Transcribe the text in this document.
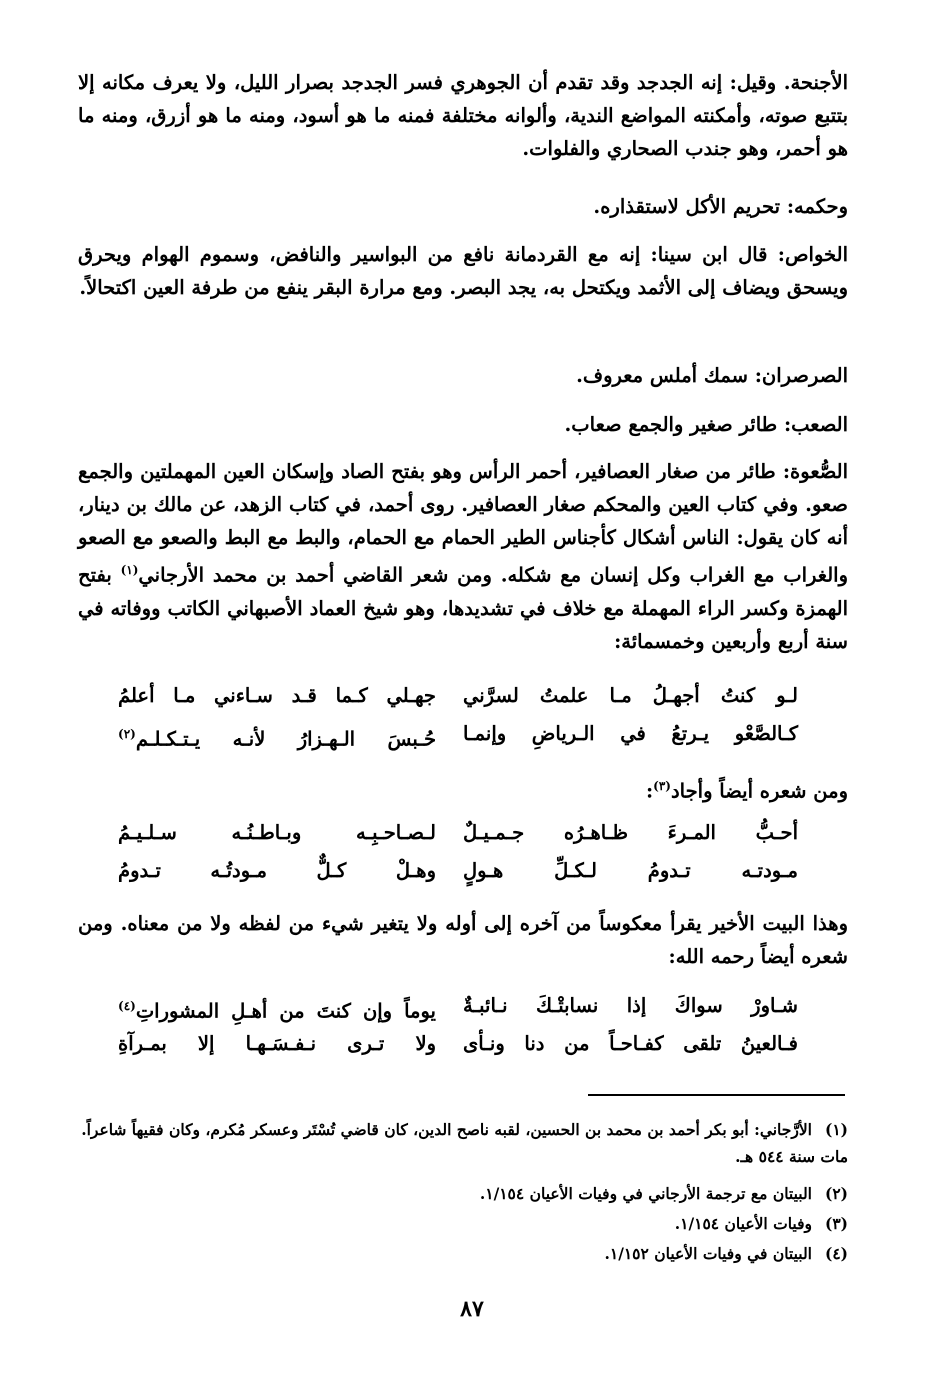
الأجنحة. وقيل: إنه الجدجد وقد تقدم أن الجوهري فسر الجدجد بصرار الليل، ولا يعرف مكانه إلا بتتبع صوته، وأمكنته المواضع الندية، وألوانه مختلفة فمنه ما هو أسود، ومنه ما هو أزرق، ومنه ما هو أحمر، وهو جندب الصحاري والفلوات.
وحكمه: تحريم الأكل لاستقذاره.
الخواص: قال ابن سينا: إنه مع القردمانة نافع من البواسير والنافض، وسموم الهوام ويحرق ويسحق ويضاف إلى الأثمد ويكتحل به، يجد البصر. ومع مرارة البقر ينفع من طرفة العين اكتحالاً.
الصرصران: سمك أملس معروف.
الصعب: طائر صغير والجمع صعاب.
الصُّعوة: طائر من صغار العصافير، أحمر الرأس وهو بفتح الصاد وإسكان العين المهملتين والجمع صعو. وفي كتاب العين والمحكم صغار العصافير. روى أحمد، في كتاب الزهد، عن مالك بن دينار، أنه كان يقول: الناس أشكال كأجناس الطير الحمام مع الحمام، والبط مع البط والصعو مع الصعو والغراب مع الغراب وكل إنسان مع شكله. ومن شعر القاضي أحمد بن محمد الأرجاني$^{(١)}$ بفتح الهمزة وكسر الراء المهملة مع خلاف في تشديدها، وهو شيخ العماد الأصبهاني الكاتب ووفاته في سنة أربع وأربعين وخمسمائة:
لـو كنتُ أجهـلُ مـا علمتُ لسرَّني
جهـلي كـما قـد سـاءني مـا أعلمُ
كـالصَّعْو يـرتعُ في الـرياضِ وإنمـا
حُـبسَ الـهـزارُ لأنـه يـتـكـلـم$^{(٢)}$
ومن شعره أيضاً وأجاد$^{(٣)}$:
أحـبُّ المـرءَ ظـاهـرُه جـمـيـلٌ
لـصـاحـبِـه وبـاطـنُـه سـلـيـمُ
مـودتـه تـدومُ لـكـلِّ هـولٍ
وهـلْ كـلٌّ مـودتُـه تـدومُ
وهذا البيت الأخير يقرأ معكوساً من آخره إلى أوله ولا يتغير شيء من لفظه ولا من معناه. ومن شعره أيضاً رحمه الله:
شـاورْ سواكَ إذا نسابتْـكَ نـائبـةٌ
يوماً وإن كنتَ من أهـلِ المشوراتِ$^{(٤)}$
فـالعينُ تلقى كفـاحـاً من دنا ونـأى
ولا تـرى نـفـسَـهـا إلا بمـرآةِ
(١)الأرَّجاني: أبو بكر أحمد بن محمد بن الحسين، لقبه ناصح الدين، كان قاضي تُسْتَر وعسكر مُكرم، وكان فقيهاً شاعراً. مات سنة ٥٤٤ هـ.
(٢)البيتان مع ترجمة الأرجاني في وفيات الأعيان ١/١٥٤.
(٣)وفيات الأعيان ١/١٥٤.
(٤)البيتان في وفيات الأعيان ١/١٥٢.
٨٧
